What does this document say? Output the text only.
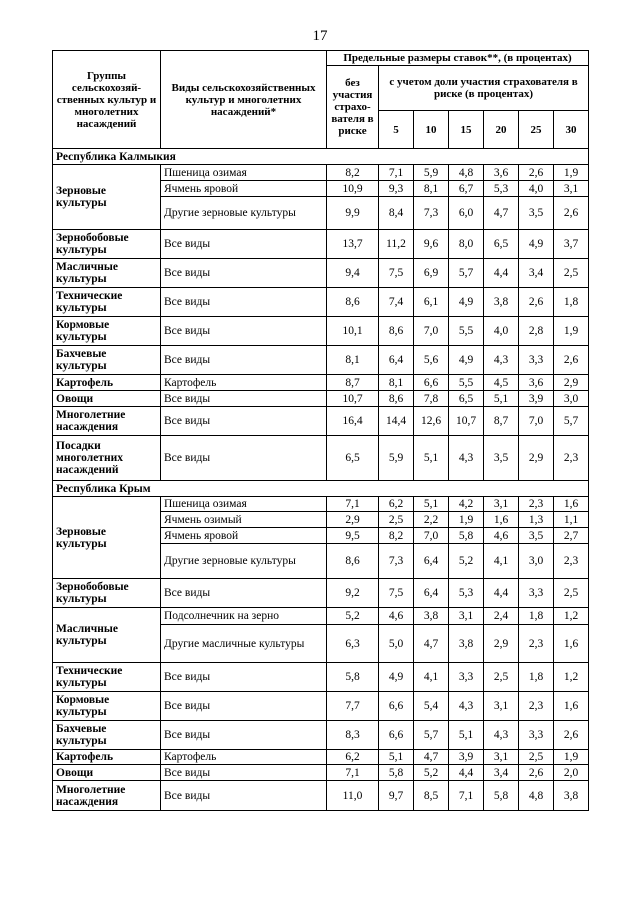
17
Группы сельскохозяй-ственных культур и многолетних насаждений	Виды сельскохозяйственных культур и многолетних насаждений*	Предельные размеры ставок**, (в процентах)						
		без участия страхо-вателя в риске	с учетом доли участия страхователя в риске (в процентах)					
			5	10	15	20	25	30
Республика Калмыкия								
Зерновые культуры	Пшеница озимая	8,2	7,1	5,9	4,8	3,6	2,6	1,9
	Ячмень яровой	10,9	9,3	8,1	6,7	5,3	4,0	3,1
	Другие зерновые культуры	9,9	8,4	7,3	6,0	4,7	3,5	2,6
Зернобобовые культуры	Все виды	13,7	11,2	9,6	8,0	6,5	4,9	3,7
Масличные культуры	Все виды	9,4	7,5	6,9	5,7	4,4	3,4	2,5
Технические культуры	Все виды	8,6	7,4	6,1	4,9	3,8	2,6	1,8
Кормовые культуры	Все виды	10,1	8,6	7,0	5,5	4,0	2,8	1,9
Бахчевые культуры	Все виды	8,1	6,4	5,6	4,9	4,3	3,3	2,6
Картофель	Картофель	8,7	8,1	6,6	5,5	4,5	3,6	2,9
Овощи	Все виды	10,7	8,6	7,8	6,5	5,1	3,9	3,0
Многолетние насаждения	Все виды	16,4	14,4	12,6	10,7	8,7	7,0	5,7
Посадки многолетних насаждений	Все виды	6,5	5,9	5,1	4,3	3,5	2,9	2,3
Республика Крым								
Зерновые культуры	Пшеница озимая	7,1	6,2	5,1	4,2	3,1	2,3	1,6
	Ячмень озимый	2,9	2,5	2,2	1,9	1,6	1,3	1,1
	Ячмень яровой	9,5	8,2	7,0	5,8	4,6	3,5	2,7
	Другие зерновые культуры	8,6	7,3	6,4	5,2	4,1	3,0	2,3
Зернобобовые культуры	Все виды	9,2	7,5	6,4	5,3	4,4	3,3	2,5
Масличные культуры	Подсолнечник на зерно	5,2	4,6	3,8	3,1	2,4	1,8	1,2
	Другие масличные культуры	6,3	5,0	4,7	3,8	2,9	2,3	1,6
Технические культуры	Все виды	5,8	4,9	4,1	3,3	2,5	1,8	1,2
Кормовые культуры	Все виды	7,7	6,6	5,4	4,3	3,1	2,3	1,6
Бахчевые культуры	Все виды	8,3	6,6	5,7	5,1	4,3	3,3	2,6
Картофель	Картофель	6,2	5,1	4,7	3,9	3,1	2,5	1,9
Овощи	Все виды	7,1	5,8	5,2	4,4	3,4	2,6	2,0
Многолетние насаждения	Все виды	11,0	9,7	8,5	7,1	5,8	4,8	3,8
